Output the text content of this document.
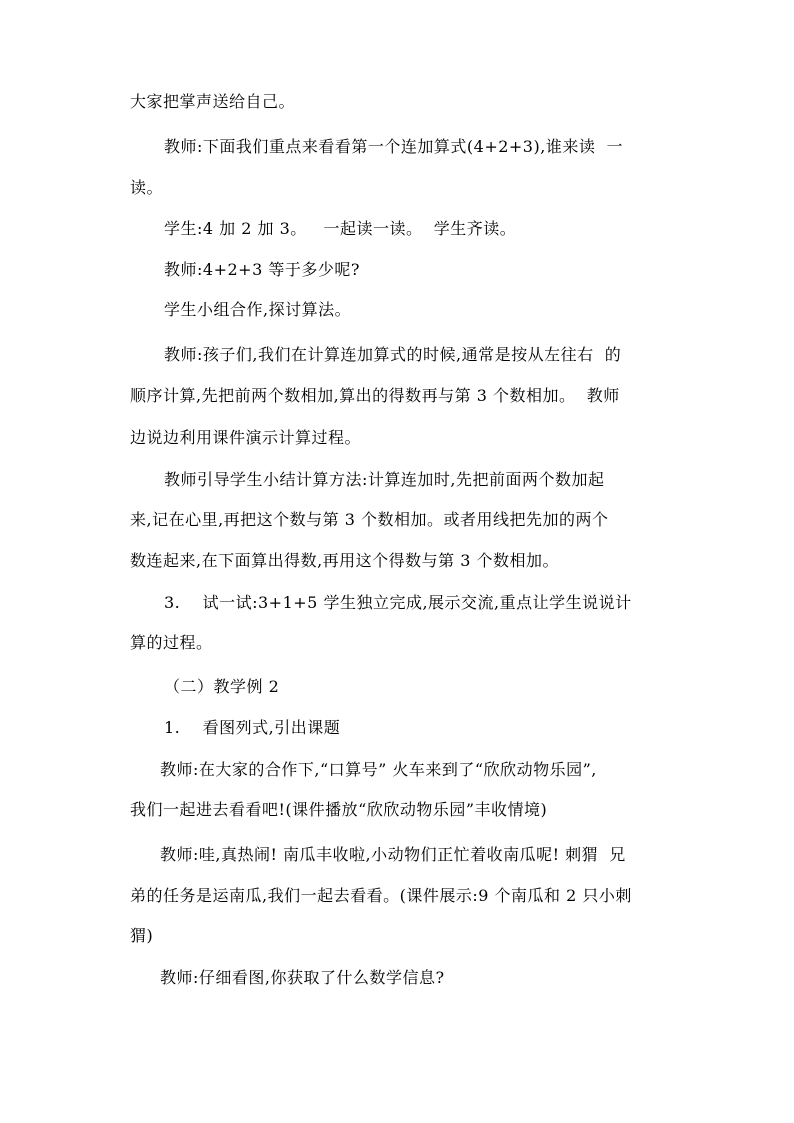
大家把掌声送给自己。
教师:下面我们重点来看看第一个连加算式(4+2+3),谁来读  一
读。
学生:4 加 2 加 3。   一起读一读。  学生齐读。
教师:4+2+3 等于多少呢?
学生小组合作,探讨算法。
教师:孩子们,我们在计算连加算式的时候,通常是按从左往右  的
顺序计算,先把前两个数相加,算出的得数再与第 3 个数相加。  教师
边说边利用课件演示计算过程。
教师引导学生小结计算方法:计算连加时,先把前面两个数加起
来,记在心里,再把这个数与第 3 个数相加。或者用线把先加的两个
数连起来,在下面算出得数,再用这个得数与第 3 个数相加。
3.    试一试:3+1+5 学生独立完成,展示交流,重点让学生说说计
算的过程。
（二）教学例 2
1.    看图列式,引出课题
教师:在大家的合作下,“口算号” 火车来到了“欣欣动物乐园”,
我们一起进去看看吧!(课件播放“欣欣动物乐园”丰收情境)
教师:哇,真热闹! 南瓜丰收啦,小动物们正忙着收南瓜呢! 刺猬  兄
弟的任务是运南瓜,我们一起去看看。(课件展示:9 个南瓜和 2 只小刺
猬)
教师:仔细看图,你获取了什么数学信息?
